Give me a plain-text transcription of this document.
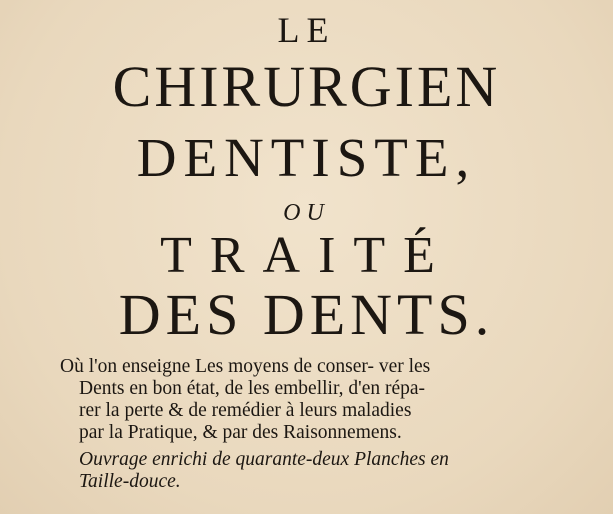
LE
CHIRURGIEN
DENTISTE,
OU
TRAITÉ
DES DENTS.
Où l'on enseigne Les moyens de conser- ver les
Dents en bon état, de les embellir, d'en répa-
rer la perte & de remédier à leurs maladies
par la Pratique, & par des Raisonnemens.
Ouvrage enrichi de quarante-deux Planches en
Taille-douce.
